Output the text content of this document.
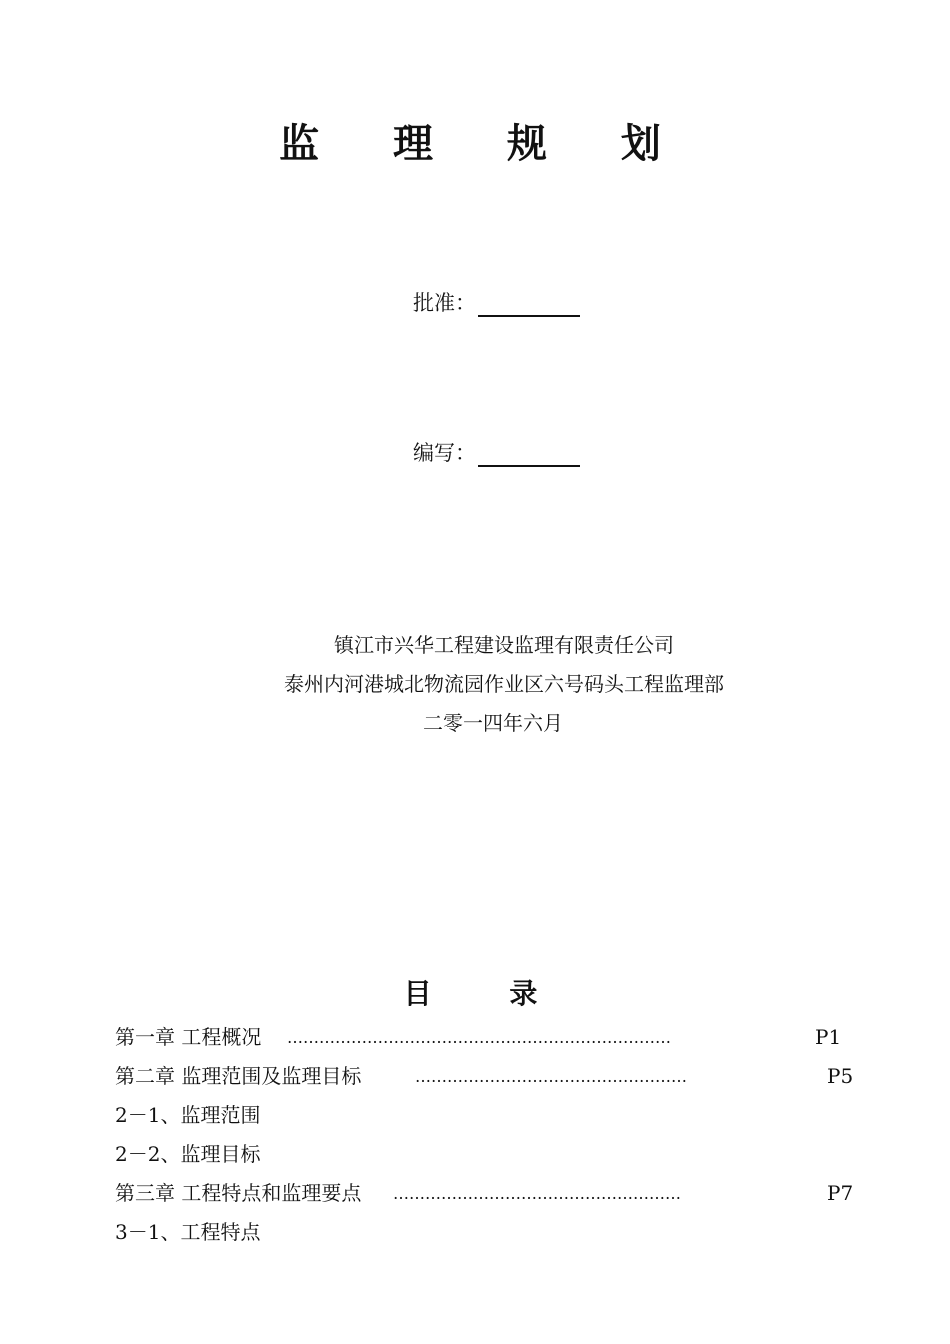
监 理 规 划
批准：
编写：
镇江市兴华工程建设监理有限责任公司
泰州内河港城北物流园作业区六号码头工程监理部
二零一四年六月
目 录
第一章 工程概况 ………………………………………………………………	P1
第二章 监理范围及监理目标	……………………………………………	P5
2－1、监理范围
2－2、监理目标
第三章 工程特点和监理要点 ………………………………………………	P7
3－1、工程特点
